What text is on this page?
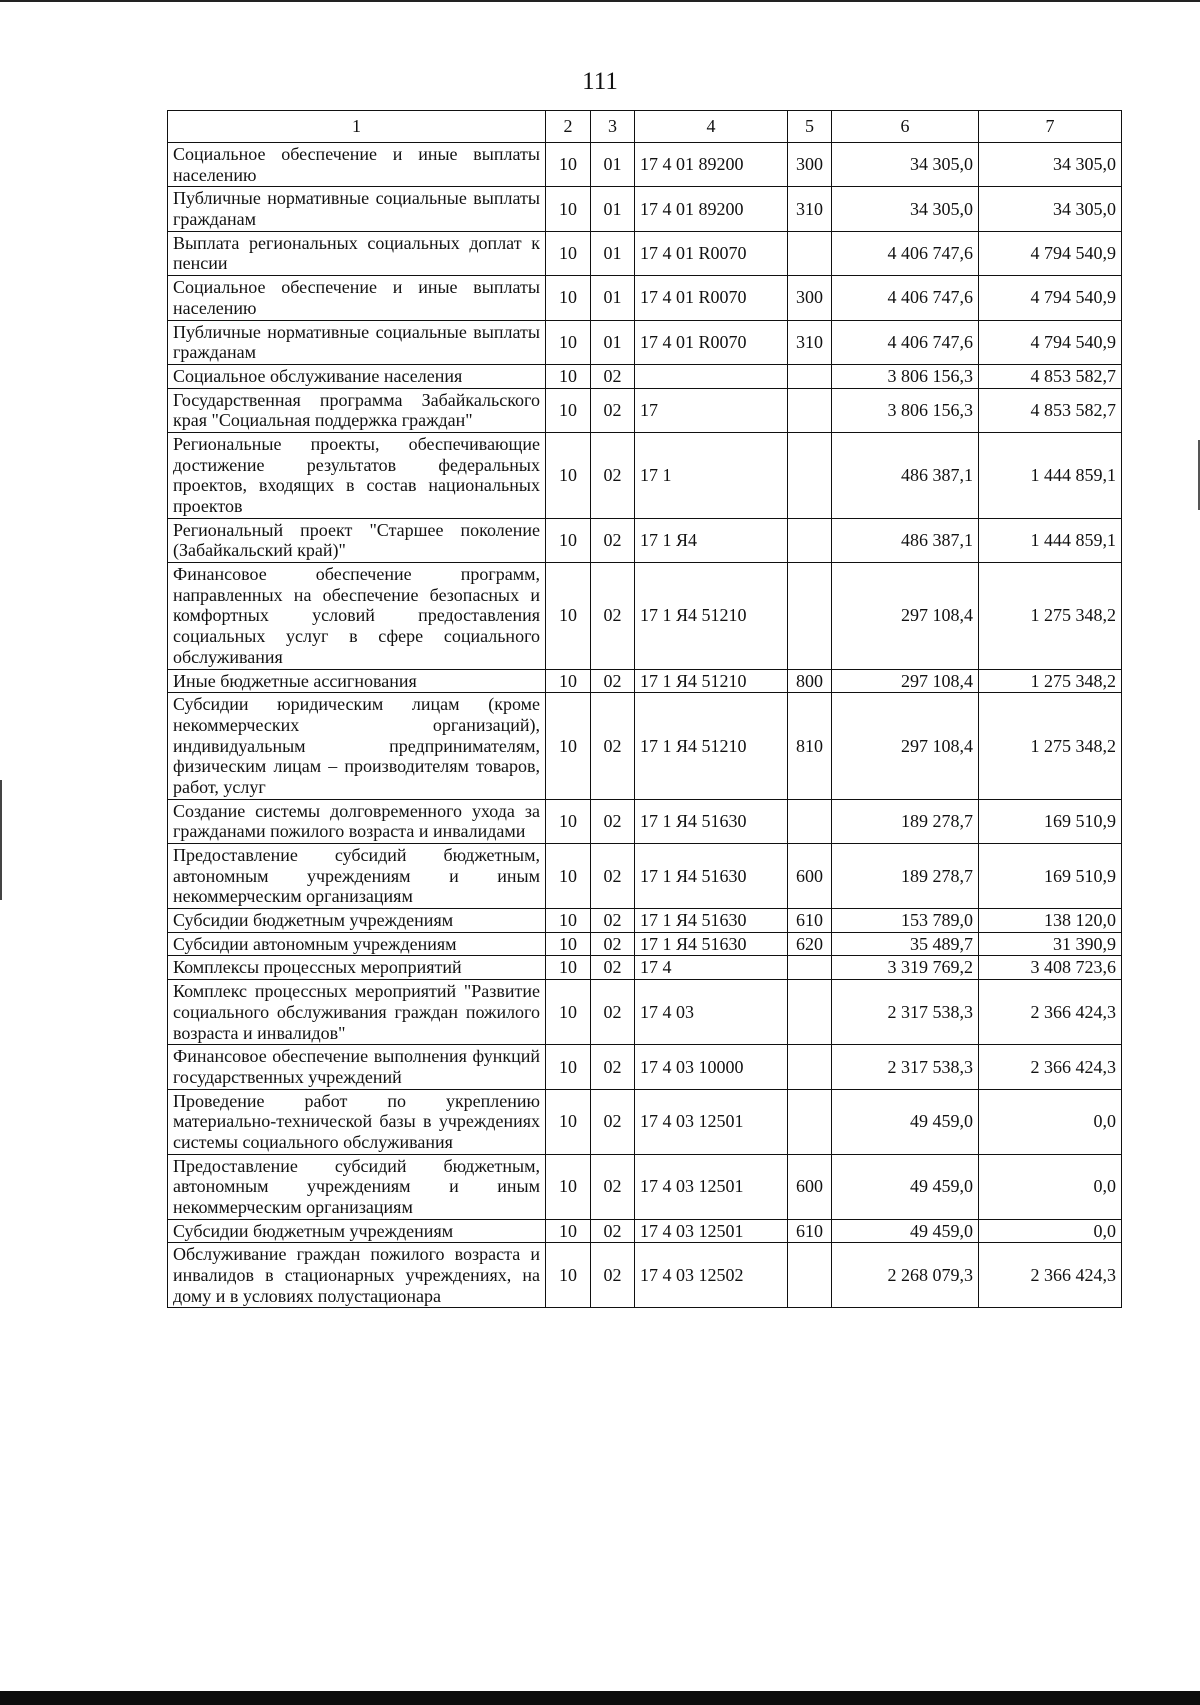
111
1	2	3	4	5	6	7
Социальное обеспечение и иные выплаты населению	10	01	17 4 01 89200	300	34 305,0	34 305,0
Публичные нормативные социальные выплаты гражданам	10	01	17 4 01 89200	310	34 305,0	34 305,0
Выплата региональных социальных доплат к пенсии	10	01	17 4 01 R0070		4 406 747,6	4 794 540,9
Социальное обеспечение и иные выплаты населению	10	01	17 4 01 R0070	300	4 406 747,6	4 794 540,9
Публичные нормативные социальные выплаты гражданам	10	01	17 4 01 R0070	310	4 406 747,6	4 794 540,9
Социальное обслуживание населения	10	02			3 806 156,3	4 853 582,7
Государственная программа Забайкальского края "Социальная поддержка граждан"	10	02	17		3 806 156,3	4 853 582,7
Региональные проекты, обеспечивающие достижение результатов федеральных проектов, входящих в состав национальных проектов	10	02	17 1		486 387,1	1 444 859,1
Региональный проект "Старшее поколение (Забайкальский край)"	10	02	17 1 Я4		486 387,1	1 444 859,1
Финансовое обеспечение программ, направленных на обеспечение безопасных и комфортных условий предоставления социальных услуг в сфере социального обслуживания	10	02	17 1 Я4 51210		297 108,4	1 275 348,2
Иные бюджетные ассигнования	10	02	17 1 Я4 51210	800	297 108,4	1 275 348,2
Субсидии юридическим лицам (кроме некоммерческих организаций), индивидуальным предпринимателям, физическим лицам – производителям товаров, работ, услуг	10	02	17 1 Я4 51210	810	297 108,4	1 275 348,2
Создание системы долговременного ухода за гражданами пожилого возраста и инвалидами	10	02	17 1 Я4 51630		189 278,7	169 510,9
Предоставление субсидий бюджетным, автономным учреждениям и иным некоммерческим организациям	10	02	17 1 Я4 51630	600	189 278,7	169 510,9
Субсидии бюджетным учреждениям	10	02	17 1 Я4 51630	610	153 789,0	138 120,0
Субсидии автономным учреждениям	10	02	17 1 Я4 51630	620	35 489,7	31 390,9
Комплексы процессных мероприятий	10	02	17 4		3 319 769,2	3 408 723,6
Комплекс процессных мероприятий "Развитие социального обслуживания граждан пожилого возраста и инвалидов"	10	02	17 4 03		2 317 538,3	2 366 424,3
Финансовое обеспечение выполнения функций государственных учреждений	10	02	17 4 03 10000		2 317 538,3	2 366 424,3
Проведение работ по укреплению материально-технической базы в учреждениях системы социального обслуживания	10	02	17 4 03 12501		49 459,0	0,0
Предоставление субсидий бюджетным, автономным учреждениям и иным некоммерческим организациям	10	02	17 4 03 12501	600	49 459,0	0,0
Субсидии бюджетным учреждениям	10	02	17 4 03 12501	610	49 459,0	0,0
Обслуживание граждан пожилого возраста и инвалидов в стационарных учреждениях, на дому и в условиях полустационара	10	02	17 4 03 12502		2 268 079,3	2 366 424,3
